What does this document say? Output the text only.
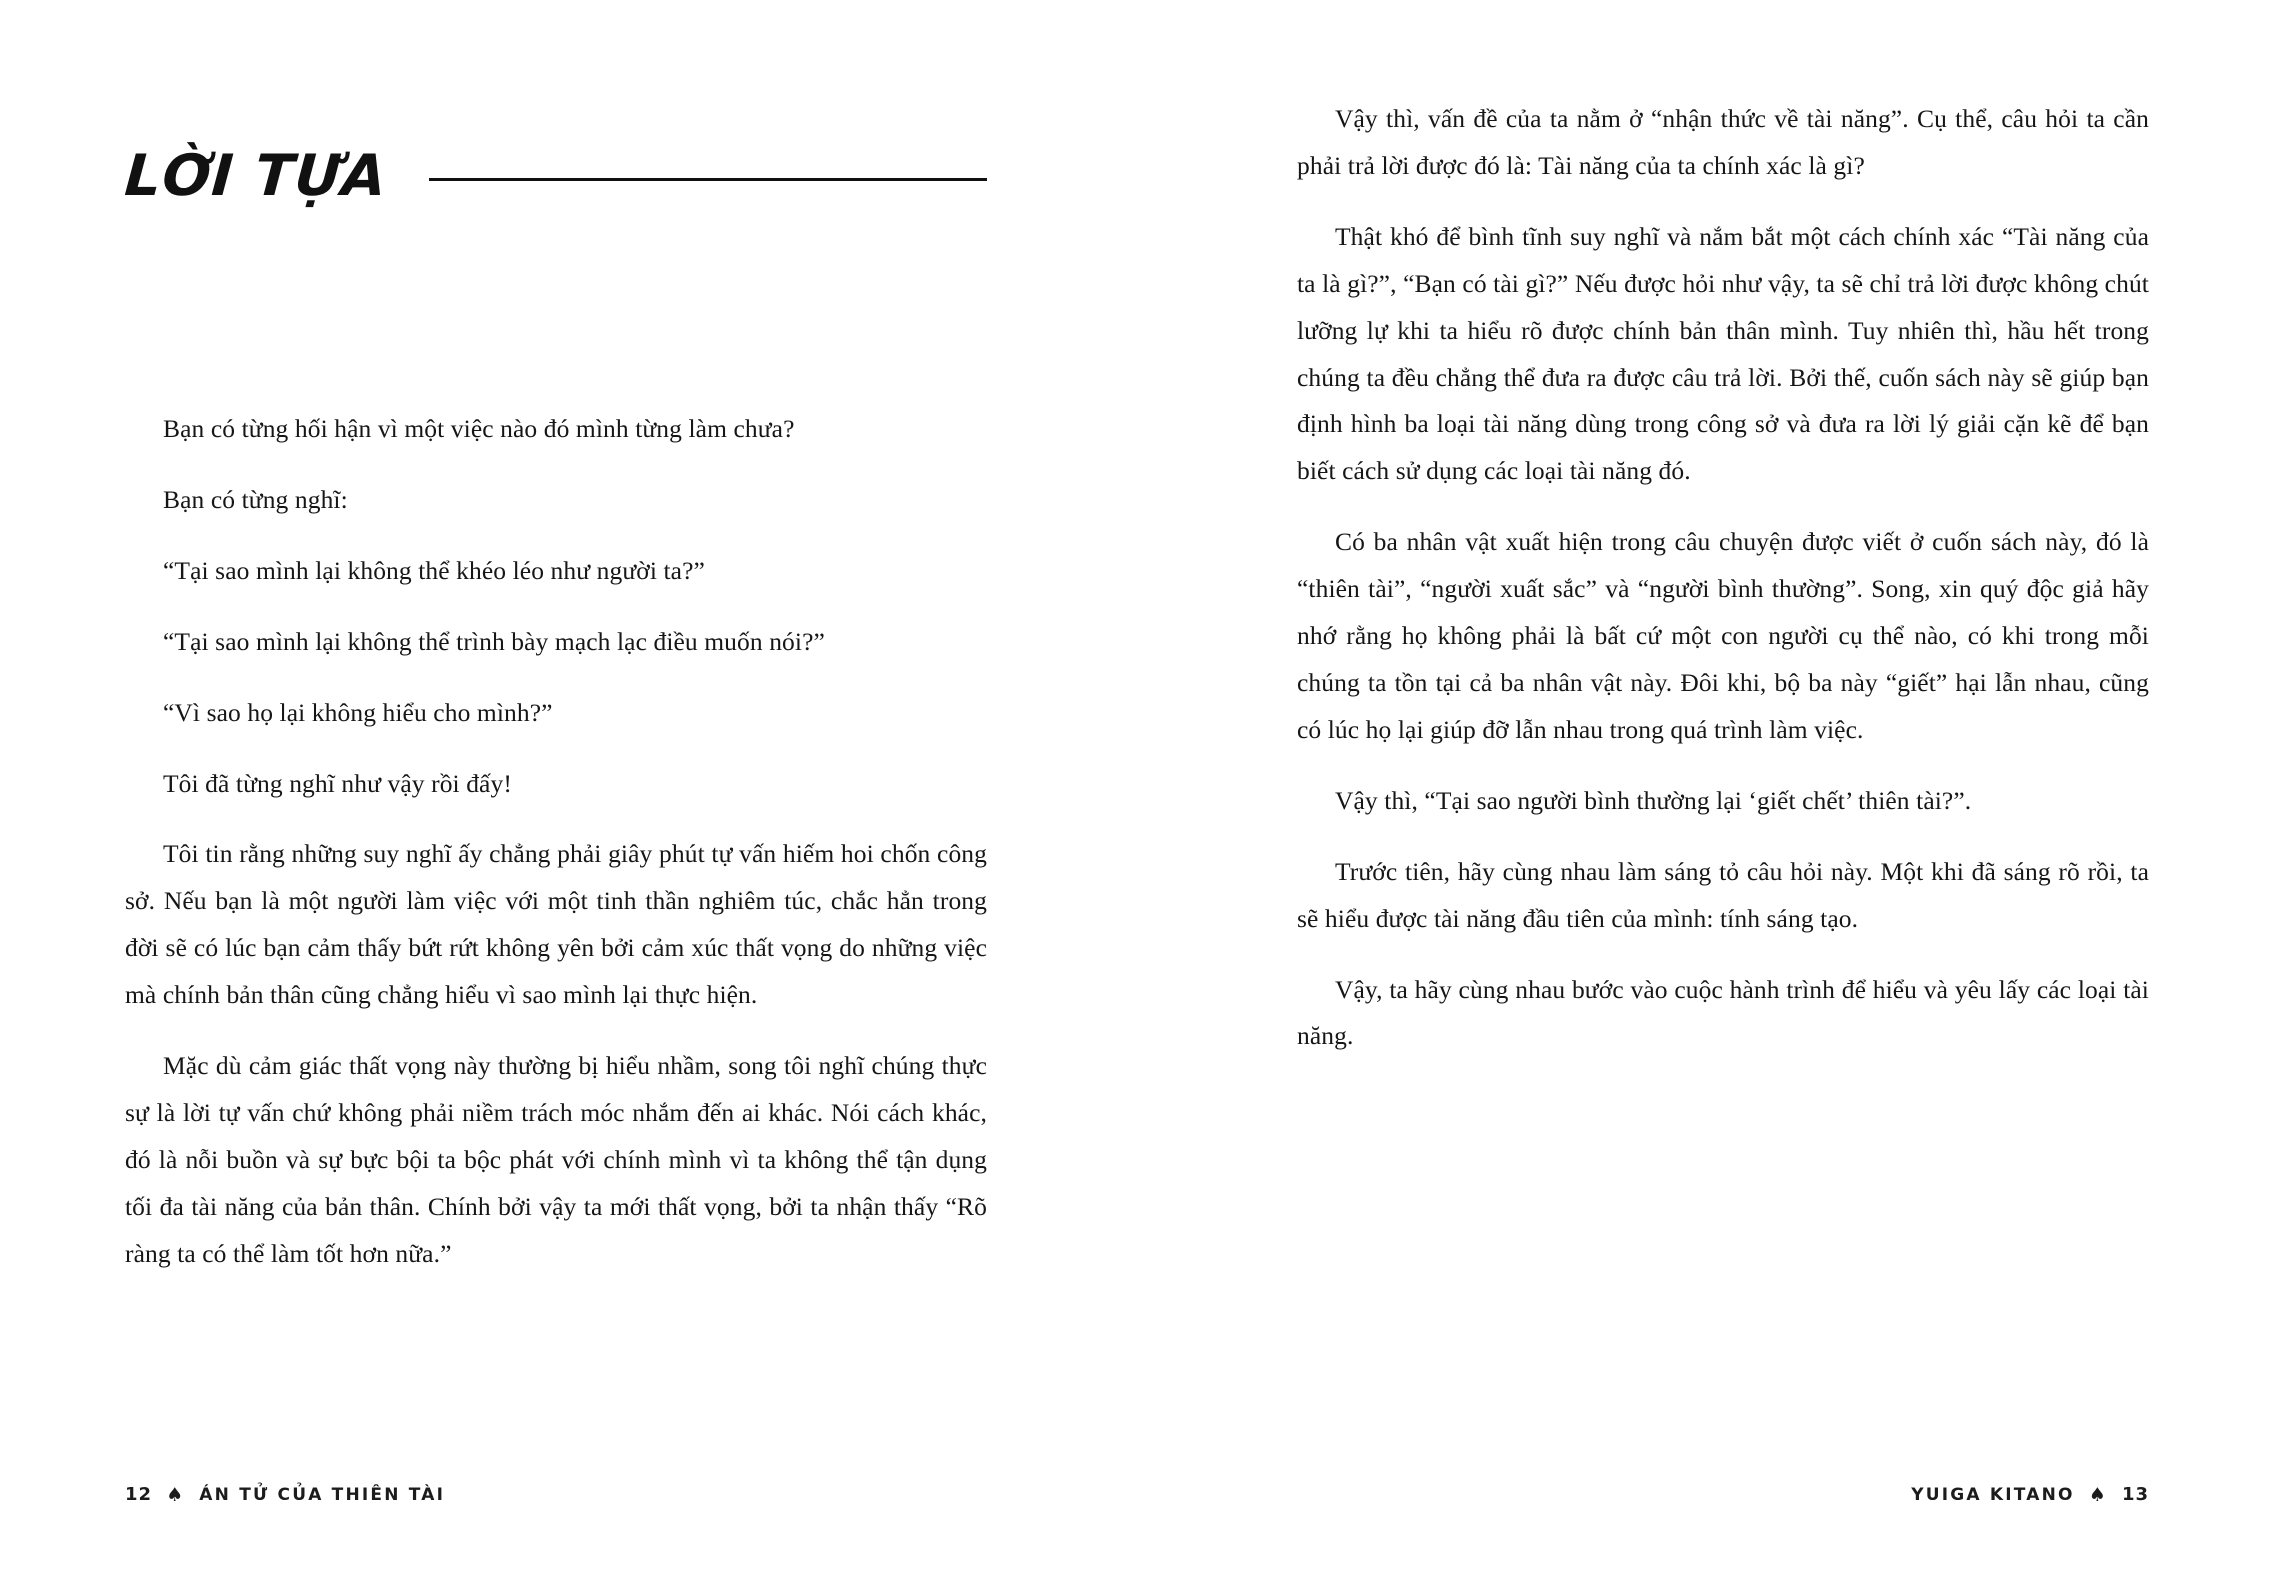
LỜI TỰA

Bạn có từng hối hận vì một việc nào đó mình từng làm chưa?

Bạn có từng nghĩ:

“Tại sao mình lại không thể khéo léo như người ta?”

“Tại sao mình lại không thể trình bày mạch lạc điều muốn nói?”

“Vì sao họ lại không hiểu cho mình?”

Tôi đã từng nghĩ như vậy rồi đấy!

Tôi tin rằng những suy nghĩ ấy chẳng phải giây phút tự vấn hiếm hoi chốn công sở. Nếu bạn là một người làm việc với một tinh thần nghiêm túc, chắc hẳn trong đời sẽ có lúc bạn cảm thấy bứt rứt không yên bởi cảm xúc thất vọng do những việc mà chính bản thân cũng chẳng hiểu vì sao mình lại thực hiện.

Mặc dù cảm giác thất vọng này thường bị hiểu nhầm, song tôi nghĩ chúng thực sự là lời tự vấn chứ không phải niềm trách móc nhắm đến ai khác. Nói cách khác, đó là nỗi buồn và sự bực bội ta bộc phát với chính mình vì ta không thể tận dụng tối đa tài năng của bản thân. Chính bởi vậy ta mới thất vọng, bởi ta nhận thấy “Rõ ràng ta có thể làm tốt hơn nữa.”

12 ♠ ÁN TỬ CỦA THIÊN TÀI

Vậy thì, vấn đề của ta nằm ở “nhận thức về tài năng”. Cụ thể, câu hỏi ta cần phải trả lời được đó là: Tài năng của ta chính xác là gì?

Thật khó để bình tĩnh suy nghĩ và nắm bắt một cách chính xác “Tài năng của ta là gì?”, “Bạn có tài gì?” Nếu được hỏi như vậy, ta sẽ chỉ trả lời được không chút lưỡng lự khi ta hiểu rõ được chính bản thân mình. Tuy nhiên thì, hầu hết trong chúng ta đều chẳng thể đưa ra được câu trả lời. Bởi thế, cuốn sách này sẽ giúp bạn định hình ba loại tài năng dùng trong công sở và đưa ra lời lý giải cặn kẽ để bạn biết cách sử dụng các loại tài năng đó.

Có ba nhân vật xuất hiện trong câu chuyện được viết ở cuốn sách này, đó là “thiên tài”, “người xuất sắc” và “người bình thường”. Song, xin quý độc giả hãy nhớ rằng họ không phải là bất cứ một con người cụ thể nào, có khi trong mỗi chúng ta tồn tại cả ba nhân vật này. Đôi khi, bộ ba này “giết” hại lẫn nhau, cũng có lúc họ lại giúp đỡ lẫn nhau trong quá trình làm việc.

Vậy thì, “Tại sao người bình thường lại ‘giết chết’ thiên tài?”.

Trước tiên, hãy cùng nhau làm sáng tỏ câu hỏi này. Một khi đã sáng rõ rồi, ta sẽ hiểu được tài năng đầu tiên của mình: tính sáng tạo.

Vậy, ta hãy cùng nhau bước vào cuộc hành trình để hiểu và yêu lấy các loại tài năng.

YUIGA KITANO ♠ 13
